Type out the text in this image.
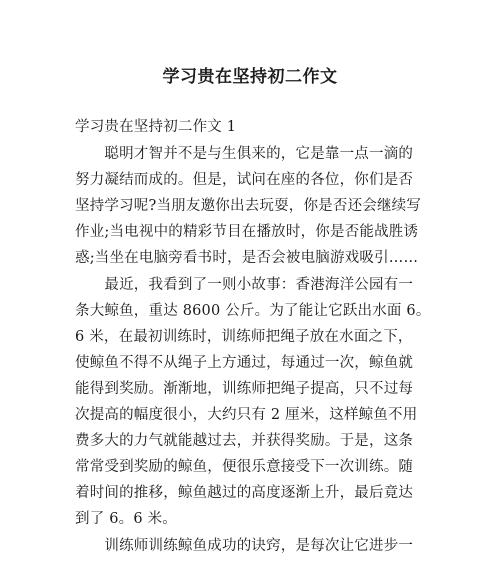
学习贵在坚持初二作文
学习贵在坚持初二作文 1
　　聪明才智并不是与生俱来的，它是靠一点一滴的
努力凝结而成的。但是，试问在座的各位，你们是否
坚持学习呢?当朋友邀你出去玩耍，你是否还会继续写
作业;当电视中的精彩节目在播放时，你是否能战胜诱
惑;当坐在电脑旁看书时，是否会被电脑游戏吸引……
　　最近，我看到了一则小故事：香港海洋公园有一
条大鲸鱼，重达 8600 公斤。为了能让它跃出水面 6。
6 米，在最初训练时，训练师把绳子放在水面之下，
使鲸鱼不得不从绳子上方通过，每通过一次，鲸鱼就
能得到奖励。渐渐地，训练师把绳子提高，只不过每
次提高的幅度很小，大约只有 2 厘米，这样鲸鱼不用
费多大的力气就能越过去，并获得奖励。于是，这条
常常受到奖励的鲸鱼，便很乐意接受下一次训练。随
着时间的推移，鲸鱼越过的高度逐渐上升，最后竟达
到了 6。6 米。
　　训练师训练鲸鱼成功的诀窍，是每次让它进步一
